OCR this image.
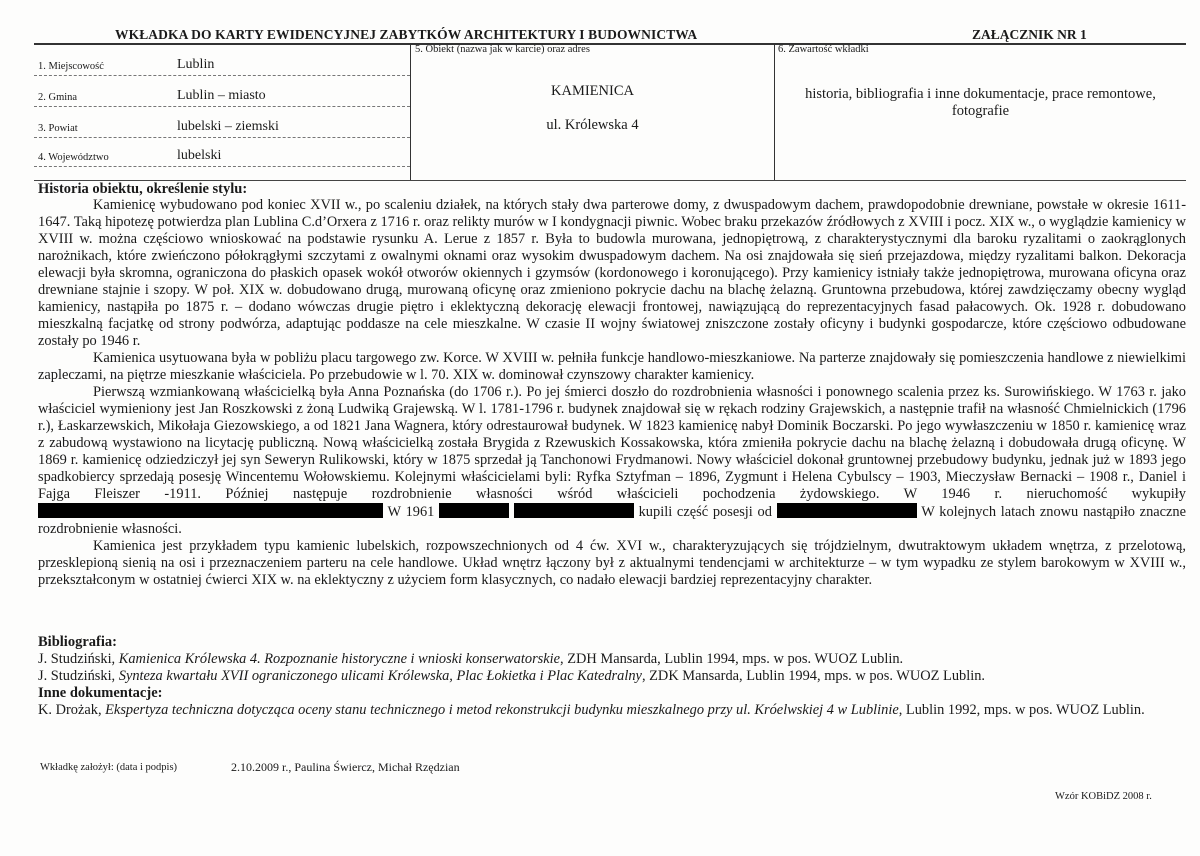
WKŁADKA DO KARTY EWIDENCYJNEJ ZABYTKÓW ARCHITEKTURY I BUDOWNICTWA	ZAŁĄCZNIK NR 1
1. Miejscowość	Lublin
2. Gmina	Lublin – miasto
3. Powiat	lubelski – ziemski
4. Województwo	lubelski
5. Obiekt (nazwa jak w karcie) oraz adres
KAMIENICA
ul. Królewska 4
6. Zawartość wkładki
historia, bibliografia i inne dokumentacje, prace remontowe,
fotografie
Historia obiektu, określenie stylu:

Kamienicę wybudowano pod koniec XVII w., po scaleniu działek, na których stały dwa parterowe domy, z dwuspadowym dachem, prawdopodobnie drewniane, powstałe w okresie 1611-1647. Taką hipotezę potwierdza plan Lublina C.d’Orxera z 1716 r. oraz relikty murów w I kondygnacji piwnic. Wobec braku przekazów źródłowych z XVIII i pocz. XIX w., o wyglądzie kamienicy w XVIII w. można częściowo wnioskować na podstawie rysunku A. Lerue z 1857 r. Była to budowla murowana, jednopiętrową, z charakterystycznymi dla baroku ryzalitami o zaokrąglonych narożnikach, które zwieńczono półokrągłymi szczytami z owalnymi oknami oraz wysokim dwuspadowym dachem. Na osi znajdowała się sień przejazdowa, między ryzalitami balkon. Dekoracja elewacji była skromna, ograniczona do płaskich opasek wokół otworów okiennych i gzymsów (kordonowego i koronującego). Przy kamienicy istniały także jednopiętrowa, murowana oficyna oraz drewniane stajnie i szopy. W poł. XIX w. dobudowano drugą, murowaną oficynę oraz zmieniono pokrycie dachu na blachę żelazną. Gruntowna przebudowa, której zawdzięczamy obecny wygląd kamienicy, nastąpiła po 1875 r. – dodano wówczas drugie piętro i eklektyczną dekorację elewacji frontowej, nawiązującą do reprezentacyjnych fasad pałacowych. Ok. 1928 r. dobudowano mieszkalną facjatkę od strony podwórza, adaptując poddasze na cele mieszkalne. W czasie II wojny światowej zniszczone zostały oficyny i budynki gospodarcze, które częściowo odbudowane zostały po 1946 r.

Kamienica usytuowana była w pobliżu placu targowego zw. Korce. W XVIII w. pełniła funkcje handlowo-mieszkaniowe. Na parterze znajdowały się pomieszczenia handlowe z niewielkimi zapleczami, na piętrze mieszkanie właściciela. Po przebudowie w l. 70. XIX w. dominował czynszowy charakter kamienicy.

Pierwszą wzmiankowaną właścicielką była Anna Poznańska (do 1706 r.). Po jej śmierci doszło do rozdrobnienia własności i ponownego scalenia przez ks. Surowińskiego. W 1763 r. jako właściciel wymieniony jest Jan Roszkowski z żoną Ludwiką Grajewską. W l. 1781-1796 r. budynek znajdował się w rękach rodziny Grajewskich, a następnie trafił na własność Chmielnickich (1796 r.), Łaskarzewskich, Mikołaja Giezowskiego, a od 1821 Jana Wagnera, który odrestaurował budynek. W 1823 kamienicę nabył Dominik Boczarski. Po jego wywłaszczeniu w 1850 r. kamienicę wraz z zabudową wystawiono na licytację publiczną. Nową właścicielką została Brygida z Rzewuskich Kossakowska, która zmieniła pokrycie dachu na blachę żelazną i dobudowała drugą oficynę. W 1869 r. kamienicę odziedziczył jej syn Seweryn Rulikowski, który w 1875 sprzedał ją Tanchonowi Frydmanowi. Nowy właściciel dokonał gruntownej przebudowy budynku, jednak już w 1893 jego spadkobiercy sprzedają posesję Wincentemu Wołowskiemu. Kolejnymi właścicielami byli: Ryfka Sztyfman – 1896, Zygmunt i Helena Cybulscy – 1903, Mieczysław Bernacki – 1908 r., Daniel i Fajga Fleiszer -1911. Później następuje rozdrobnienie własności wśród właścicieli pochodzenia żydowskiego. W 1946 r. nieruchomość wykupiły  W 1961	kupili część posesji od	W kolejnych latach znowu nastąpiło znaczne rozdrobnienie własności.

Kamienica jest przykładem typu kamienic lubelskich, rozpowszechnionych od 4 ćw. XVI w., charakteryzujących się trójdzielnym, dwutraktowym układem wnętrza, z przelotową, przesklepioną sienią na osi i przeznaczeniem parteru na cele handlowe. Układ wnętrz łączony był z aktualnymi tendencjami w architekturze – w tym wypadku ze stylem barokowym w XVIII w., przekształconym w ostatniej ćwierci XIX w. na eklektyczny z użyciem form klasycznych, co nadało elewacji bardziej reprezentacyjny charakter.

Bibliografia:

J. Studziński, Kamienica Królewska 4. Rozpoznanie historyczne i wnioski konserwatorskie, ZDH Mansarda, Lublin 1994, mps. w pos. WUOZ Lublin.

J. Studziński, Synteza kwartału XVII ograniczonego ulicami Królewska, Plac Łokietka i Plac Katedralny, ZDK Mansarda, Lublin 1994, mps. w pos. WUOZ Lublin.

Inne dokumentacje:

K. Drożak, Ekspertyza techniczna dotycząca oceny stanu technicznego i metod rekonstrukcji budynku mieszkalnego przy ul. Króelwskiej 4 w Lublinie, Lublin 1992, mps. w pos. WUOZ Lublin.

Wkładkę założył: (data i podpis)	2.10.2009 r., Paulina Świercz, Michał Rzędzian
Wzór KOBiDZ 2008 r.
